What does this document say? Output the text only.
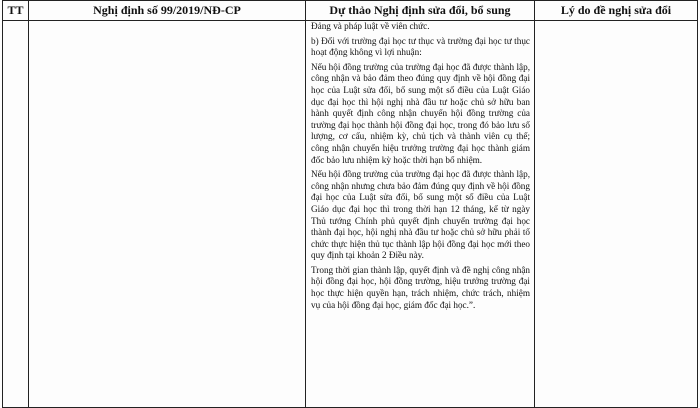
TT	Nghị định số 99/2019/NĐ-CP	Dự thảo Nghị định sửa đổi, bổ sung	Lý do đề nghị sửa đổi

		Đảng và pháp luật về viên chức.

b) Đối với trường đại học tư thục và trường đại học tư thục hoạt động không vì lợi nhuận:

Nếu hội đồng trường của trường đại học đã được thành lập, công nhận và bảo đảm theo đúng quy định về hội đồng đại học của Luật sửa đổi, bổ sung một số điều của Luật Giáo dục đại học thì hội nghị nhà đầu tư hoặc chủ sở hữu ban hành quyết định công nhận chuyển hội đồng trường của trường đại học thành hội đồng đại học, trong đó bảo lưu số lượng, cơ cấu, nhiệm kỳ, chủ tịch và thành viên cụ thể; công nhận chuyển hiệu trưởng trường đại học thành giám đốc bảo lưu nhiệm kỳ hoặc thời hạn bổ nhiệm.

Nếu hội đồng trường của trường đại học đã được thành lập, công nhận nhưng chưa bảo đảm đúng quy định về hội đồng đại học của Luật sửa đổi, bổ sung một số điều của Luật Giáo dục đại học thì trong thời hạn 12 tháng, kể từ ngày Thủ tướng Chính phủ quyết định chuyển trường đại học thành đại học, hội nghị nhà đầu tư hoặc chủ sở hữu phải tổ chức thực hiện thủ tục thành lập hội đồng đại học mới theo quy định tại khoản 2 Điều này.

Trong thời gian thành lập, quyết định và đề nghị công nhận hội đồng đại học, hội đồng trường, hiệu trưởng trường đại học thực hiện quyền hạn, trách nhiệm, chức trách, nhiệm vụ của hội đồng đại học, giám đốc đại học.”.	
